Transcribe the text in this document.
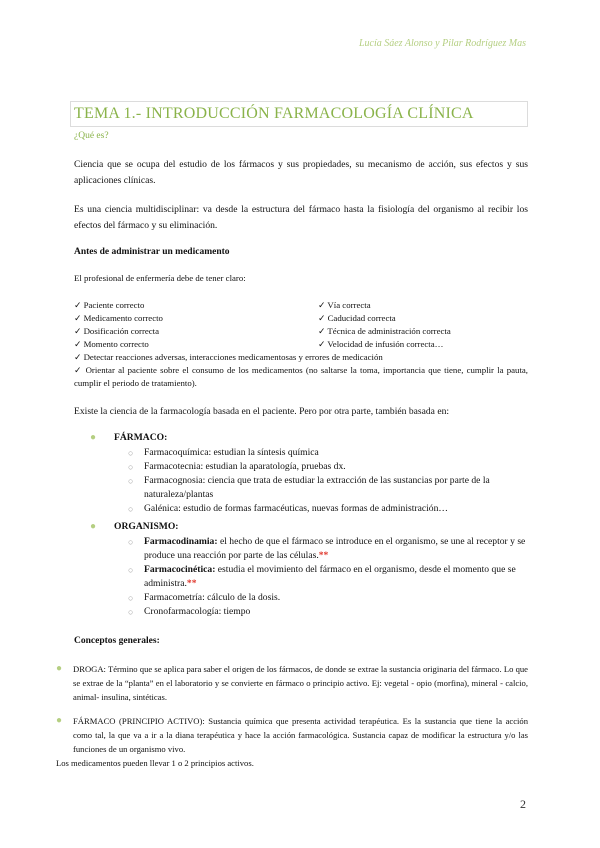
Lucía Sáez Alonso y Pilar Rodríguez Mas
TEMA 1.- INTRODUCCIÓN FARMACOLOGÍA CLÍNICA
¿Qué es?
Ciencia que se ocupa del estudio de los fármacos y sus propiedades, su mecanismo de acción, sus efectos y sus aplicaciones clínicas.
Es una ciencia multidisciplinar: va desde la estructura del fármaco hasta la fisiología del organismo al recibir los efectos del fármaco y su eliminación.
Antes de administrar un medicamento
El profesional de enfermería debe de tener claro:
✓ Paciente correcto	✓ Vía correcta
✓ Medicamento correcto	✓ Caducidad correcta
✓ Dosificación correcta	✓ Técnica de administración correcta
✓ Momento correcto	✓ Velocidad de infusión correcta…
✓ Detectar reacciones adversas, interacciones medicamentosas y errores de medicación
✓ Orientar al paciente sobre el consumo de los medicamentos (no saltarse la toma, importancia que tiene, cumplir la pauta, cumplir el periodo de tratamiento).
Existe la ciencia de la farmacología basada en el paciente. Pero por otra parte, también basada en:
●	FÁRMACO:
○	Farmacoquímica: estudian la síntesis química
○	Farmacotecnia: estudian la aparatología, pruebas dx.
○	Farmacognosia: ciencia que trata de estudiar la extracción de las sustancias por parte de la naturaleza/plantas
○	Galénica: estudio de formas farmacéuticas, nuevas formas de administración…
●	ORGANISMO:
○	Farmacodinamia: el hecho de que el fármaco se introduce en el organismo, se une al receptor y se produce una reacción por parte de las células.**
○	Farmacocinética: estudia el movimiento del fármaco en el organismo, desde el momento que se administra.**
○	Farmacometría: cálculo de la dosis.
○	Cronofarmacología: tiempo
Conceptos generales:
●	DROGA: Término que se aplica para saber el origen de los fármacos, de donde se extrae la sustancia originaria del fármaco. Lo que se extrae de la “planta” en el laboratorio y se convierte en fármaco o principio activo. Ej: vegetal - opio (morfina), mineral - calcio, animal- insulina, sintéticas.
●	FÁRMACO (PRINCIPIO ACTIVO): Sustancia química que presenta actividad terapéutica. Es la sustancia que tiene la acción como tal, la que va a ir a la diana terapéutica y hace la acción farmacológica. Sustancia capaz de modificar la estructura y/o las funciones de un organismo vivo.
Los medicamentos pueden llevar 1 o 2 principios activos.
2
